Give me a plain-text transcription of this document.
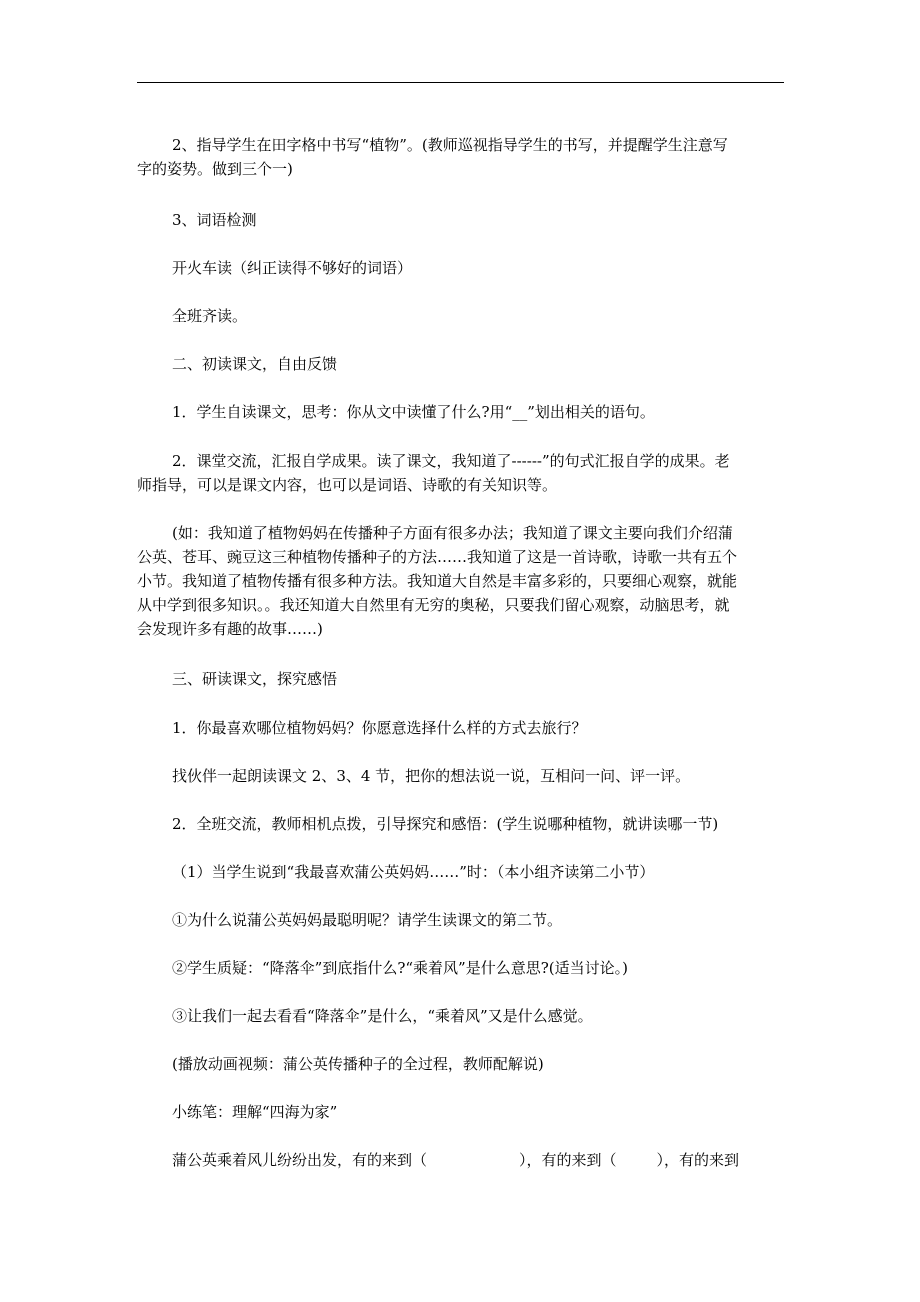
2、指导学生在田字格中书写“植物”。(教师巡视指导学生的书写，并提醒学生注意写
字的姿势。做到三个一)
3、词语检测
开火车读（纠正读得不够好的词语）
全班齐读。
二、初读课文，自由反馈
1．学生自读课文，思考：你从文中读懂了什么?用“__”划出相关的语句。
2．课堂交流，汇报自学成果。读了课文，我知道了------”的句式汇报自学的成果。老
师指导，可以是课文内容，也可以是词语、诗歌的有关知识等。
(如：我知道了植物妈妈在传播种子方面有很多办法；我知道了课文主要向我们介绍蒲
公英、苍耳、豌豆这三种植物传播种子的方法……我知道了这是一首诗歌，诗歌一共有五个
小节。我知道了植物传播有很多种方法。我知道大自然是丰富多彩的，只要细心观察，就能
从中学到很多知识。。我还知道大自然里有无穷的奥秘，只要我们留心观察，动脑思考，就
会发现许多有趣的故事……)
三、研读课文，探究感悟
1．你最喜欢哪位植物妈妈？你愿意选择什么样的方式去旅行？
找伙伴一起朗读课文 2、3、4 节，把你的想法说一说，互相问一问、评一评。
2．全班交流，教师相机点拨，引导探究和感悟：(学生说哪种植物，就讲读哪一节)
（1）当学生说到“我最喜欢蒲公英妈妈……”时：（本小组齐读第二小节）
①为什么说蒲公英妈妈最聪明呢？请学生读课文的第二节。
②学生质疑：“降落伞”到底指什么?“乘着风”是什么意思?(适当讨论。)
③让我们一起去看看“降落伞”是什么，“乘着风”又是什么感觉。
(播放动画视频：蒲公英传播种子的全过程，教师配解说)
小练笔：理解“四海为家”
蒲公英乘着风儿纷纷出发，有的来到（	），有的来到（	），有的来到
